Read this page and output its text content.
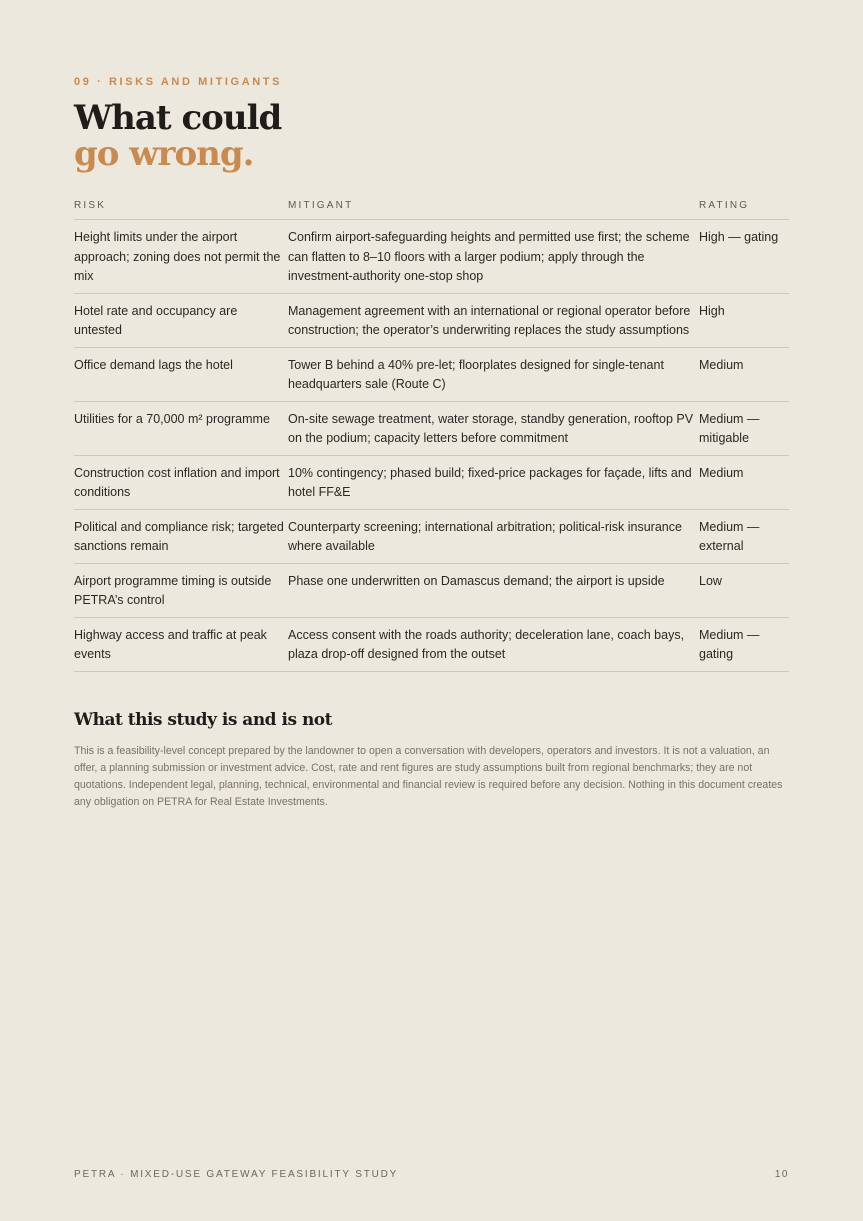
09 · RISKS AND MITIGANTS
What could
go wrong.
RISK	MITIGANT	RATING
Height limits under the airport approach; zoning does not permit the mix	Confirm airport-safeguarding heights and permitted use first; the scheme can flatten to 8–10 floors with a larger podium; apply through the investment-authority one-stop shop	High — gating
Hotel rate and occupancy are untested	Management agreement with an international or regional operator before construction; the operator’s underwriting replaces the study assumptions	High
Office demand lags the hotel	Tower B behind a 40% pre-let; floorplates designed for single-tenant headquarters sale (Route C)	Medium
Utilities for a 70,000 m² programme	On-site sewage treatment, water storage, standby generation, rooftop PV on the podium; capacity letters before commitment	Medium — mitigable
Construction cost inflation and import conditions	10% contingency; phased build; fixed-price packages for façade, lifts and hotel FF&E	Medium
Political and compliance risk; targeted sanctions remain	Counterparty screening; international arbitration; political-risk insurance where available	Medium — external
Airport programme timing is outside PETRA’s control	Phase one underwritten on Damascus demand; the airport is upside	Low
Highway access and traffic at peak events	Access consent with the roads authority; deceleration lane, coach bays, plaza drop-off designed from the outset	Medium — gating
What this study is and is not

This is a feasibility-level concept prepared by the landowner to open a conversation with developers, operators and investors. It is not a valuation, an offer, a planning submission or investment advice. Cost, rate and rent figures are study assumptions built from regional benchmarks; they are not quotations. Independent legal, planning, technical, environmental and financial review is required before any decision. Nothing in this document creates any obligation on PETRA for Real Estate Investments.

PETRA · MIXED-USE GATEWAY FEASIBILITY STUDY	10
